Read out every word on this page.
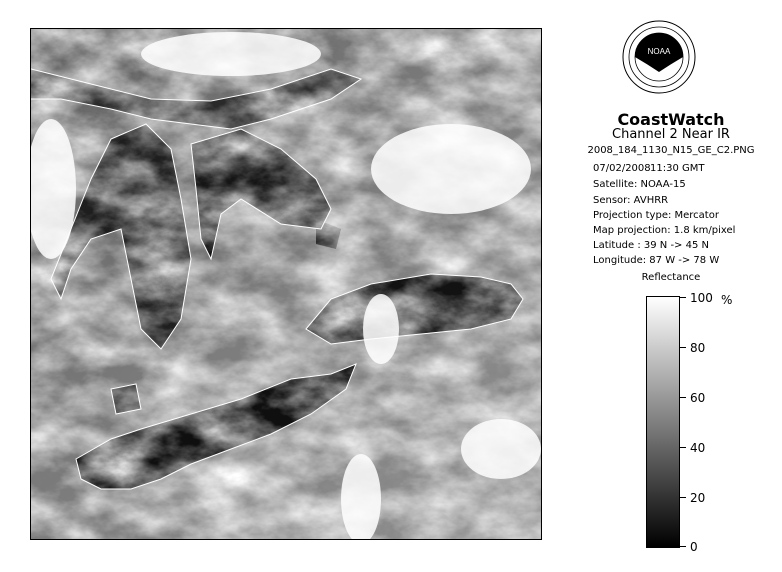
NOAA
CoastWatch
Channel 2 Near IR
2008_184_1130_N15_GE_C2.PNG
07/02/2008 11:30 GMT
Satellite: NOAA-15
Sensor: AVHRR
Projection type: Mercator
Map projection: 1.8 km/pixel
Latitude : 39 N -> 45 N
Longitude: 87 W -> 78 W
Reflectance
%
100
80
60
40
20
0
